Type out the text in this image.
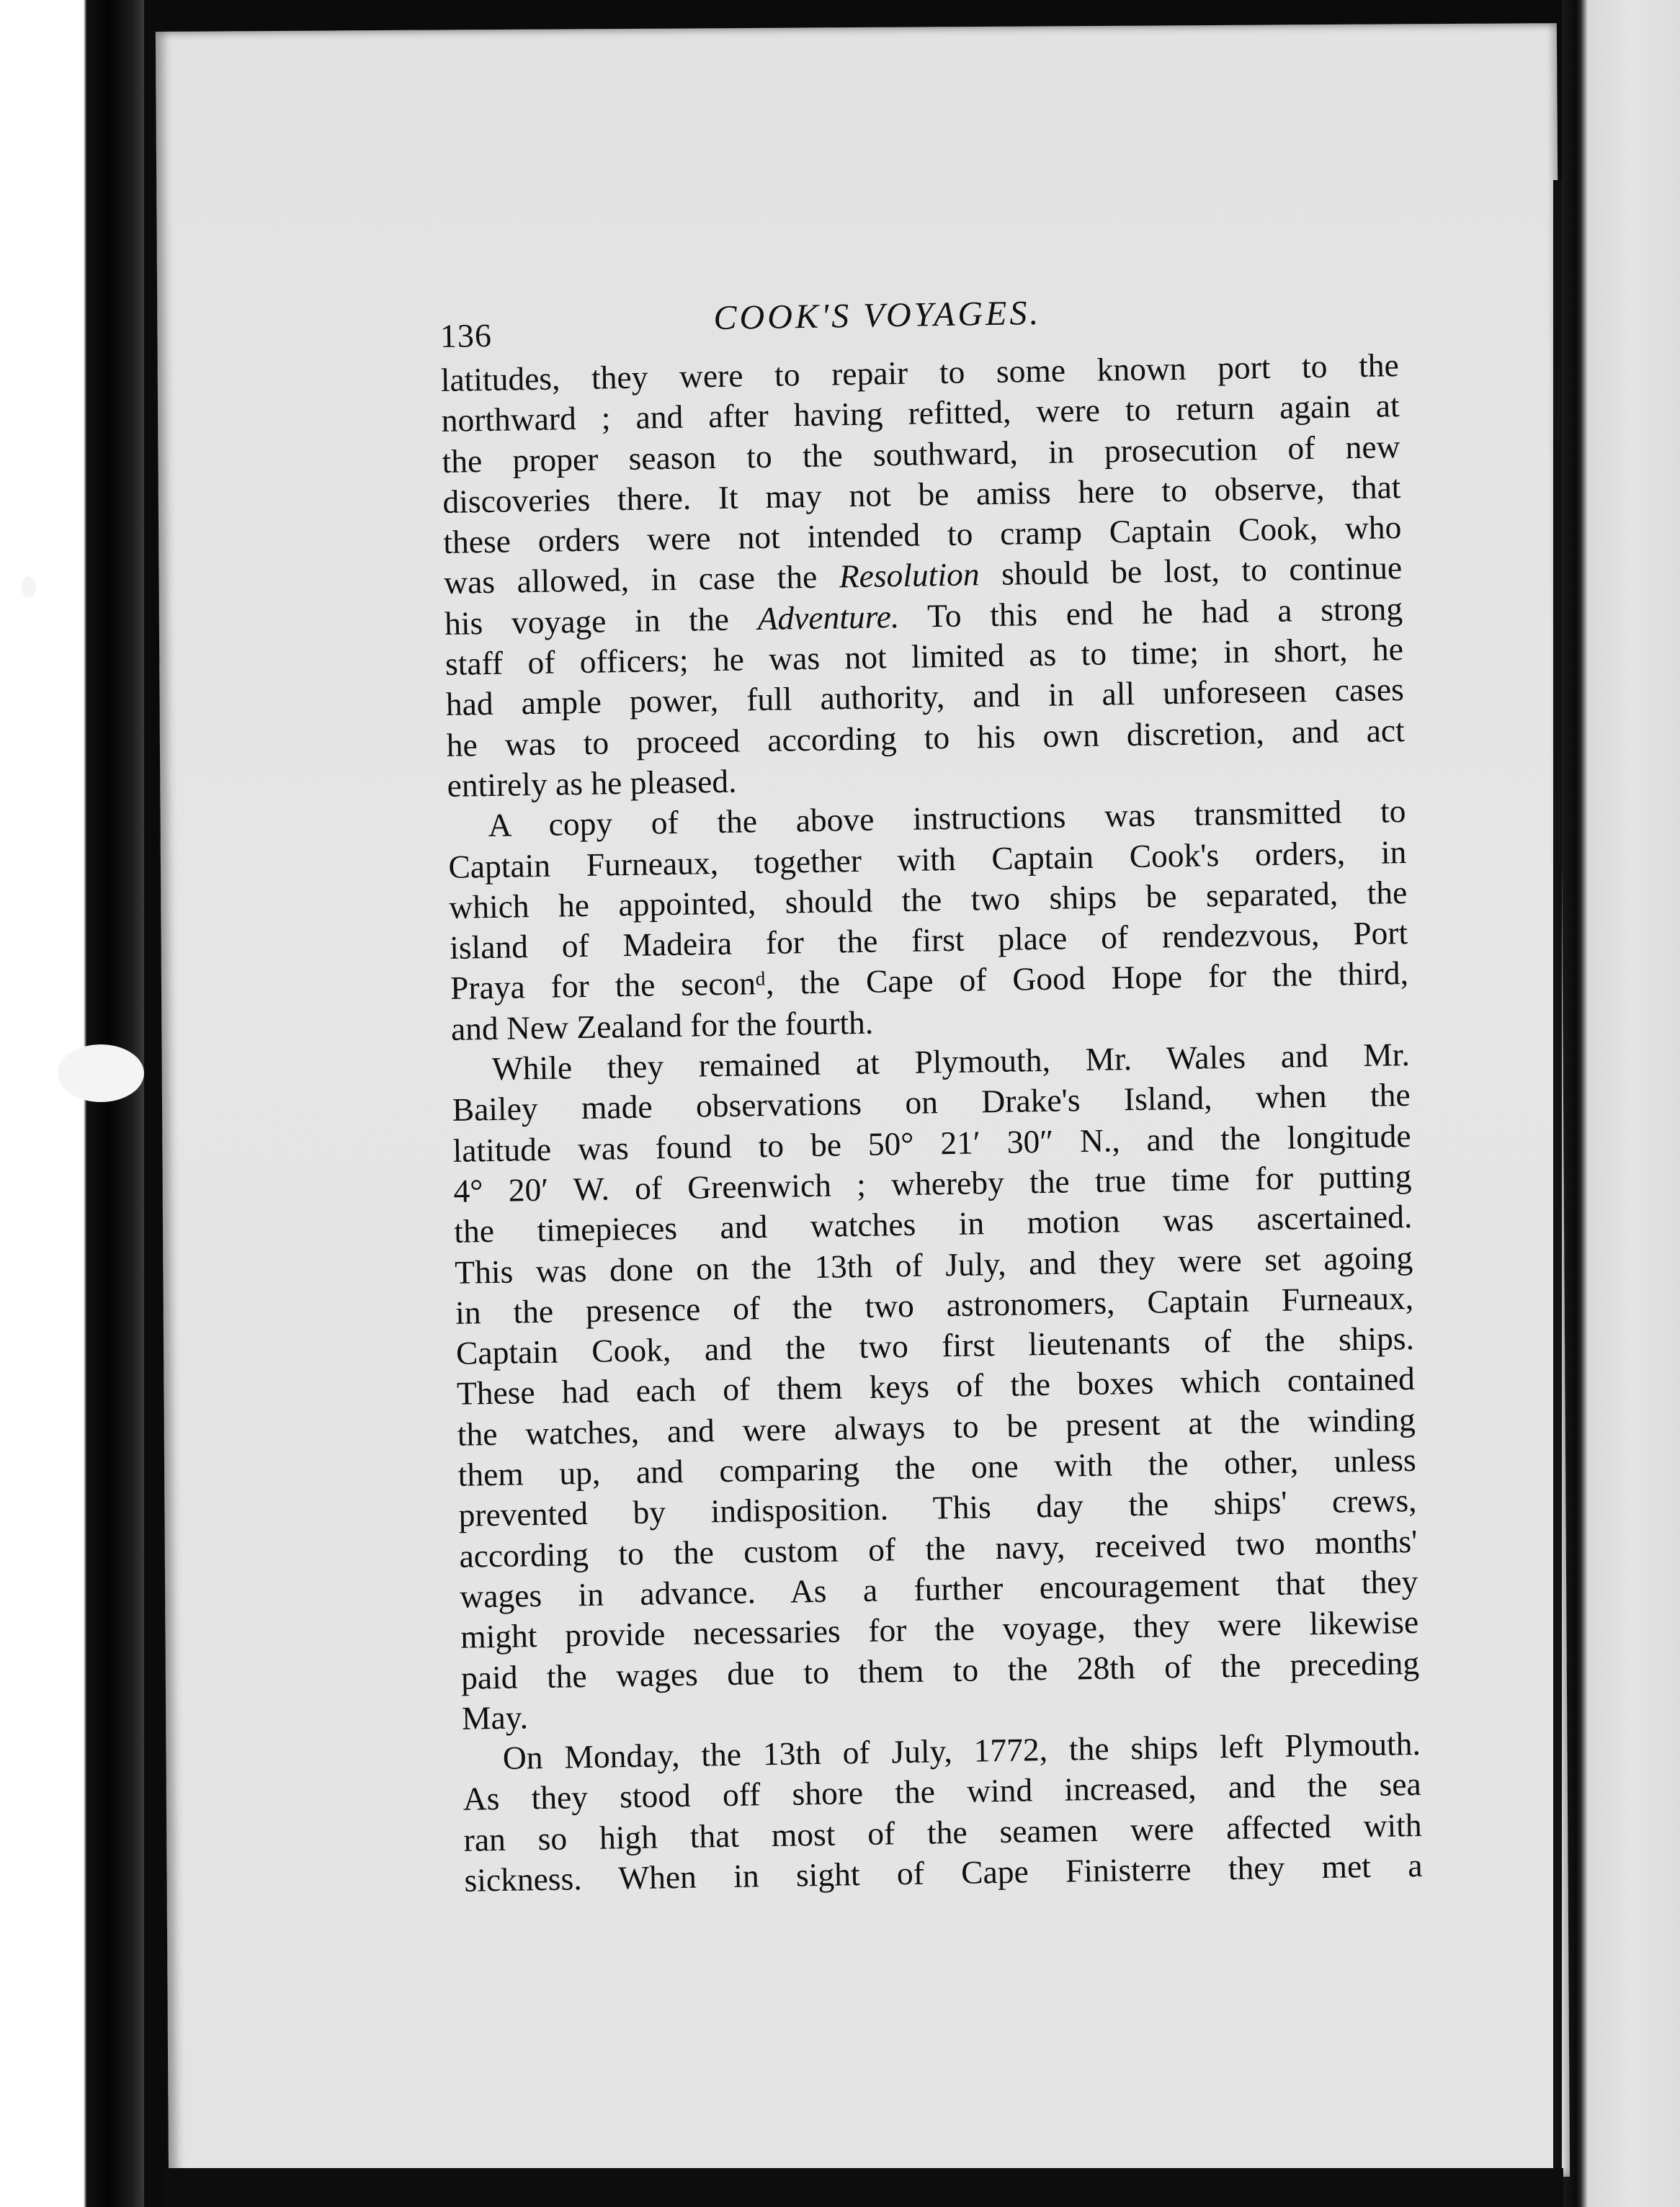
136	COOK'S VOYAGES.

latitudes, they were to repair to some known port to the
northward ; and after having refitted, were to return again at
the proper season to the southward, in prosecution of new
discoveries there. It may not be amiss here to observe, that
these orders were not intended to cramp Captain Cook, who
was allowed, in case the Resolution should be lost, to continue
his voyage in the Adventure. To this end he had a strong
staff of officers; he was not limited as to time; in short, he
had ample power, full authority, and in all unforeseen cases
he was to proceed according to his own discretion, and act
entirely as he pleased.

A copy of the above instructions was transmitted to
Captain Furneaux, together with Captain Cook's orders, in
which he appointed, should the two ships be separated, the
island of Madeira for the first place of rendezvous, Port
Praya for the seconᵈ, the Cape of Good Hope for the third,
and New Zealand for the fourth.

While they remained at Plymouth, Mr. Wales and Mr.
Bailey made observations on Drake's Island, when the
latitude was found to be 50° 21′ 30″ N., and the longitude
4° 20′ W. of Greenwich ; whereby the true time for putting
the timepieces and watches in motion was ascertained.
This was done on the 13th of July, and they were set agoing
in the presence of the two astronomers, Captain Furneaux,
Captain Cook, and the two first lieutenants of the ships.
These had each of them keys of the boxes which contained
the watches, and were always to be present at the winding
them up, and comparing the one with the other, unless
prevented by indisposition. This day the ships' crews,
according to the custom of the navy, received two months'
wages in advance. As a further encouragement that they
might provide necessaries for the voyage, they were likewise
paid the wages due to them to the 28th of the preceding
May.

On Monday, the 13th of July, 1772, the ships left Plymouth.
As they stood off shore the wind increased, and the sea
ran so high that most of the seamen were affected with
sickness. When in sight of Cape Finisterre they met a
